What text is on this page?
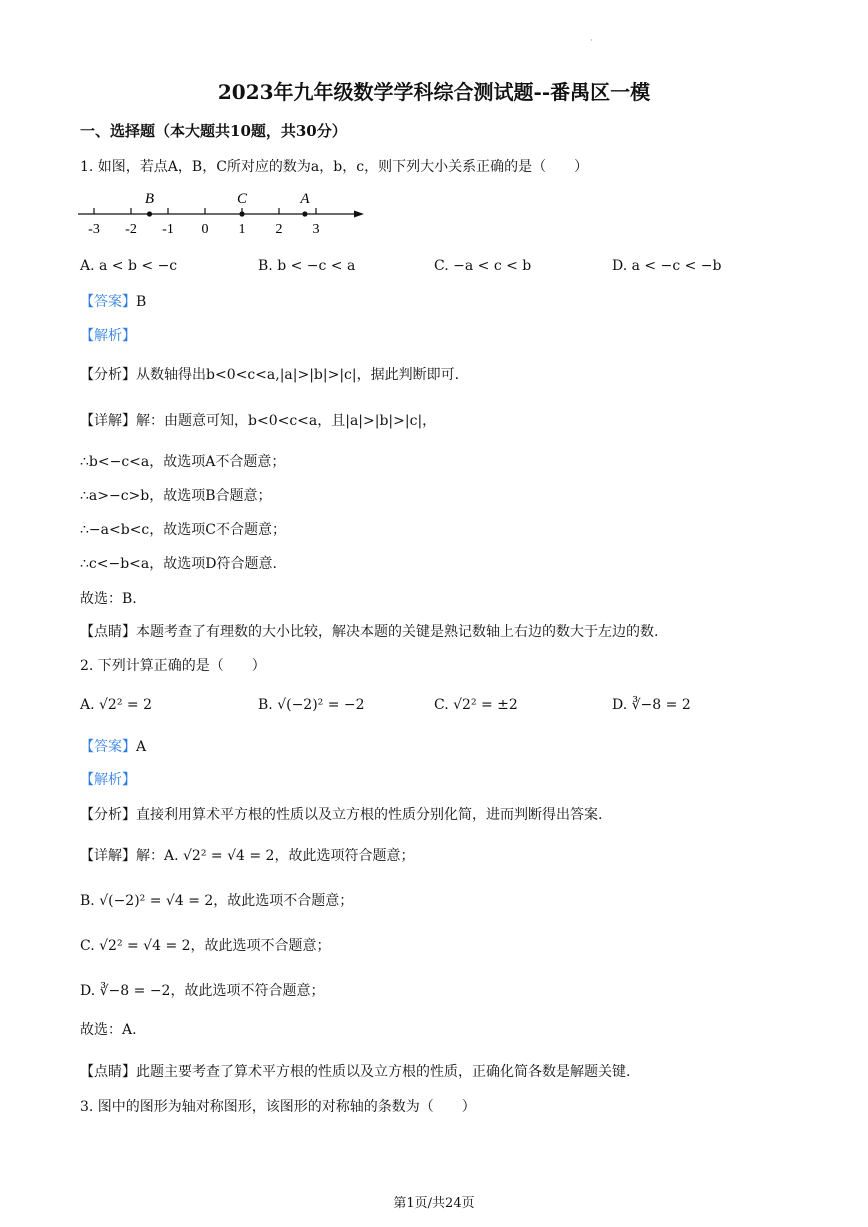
·
2023年九年级数学学科综合测试题--番禺区一模
一、选择题（本大题共10题，共30分）
1. 如图，若点A，B，C所对应的数为a，b，c，则下列大小关系正确的是（　　）
-3 -2 -1 0 1 2 3
B	C	A
A. a < b < −c	B. b < −c < a	C. −a < c < b	D. a < −c < −b
【答案】B
【解析】
【分析】从数轴得出b<0<c<a,|a|>|b|>|c|，据此判断即可.
【详解】解：由题意可知，b<0<c<a，且|a|>|b|>|c|，
∴b<−c<a，故选项A不合题意；
∴a>−c>b，故选项B合题意；
∴−a<b<c，故选项C不合题意；
∴c<−b<a，故选项D符合题意.
故选：B.
【点睛】本题考查了有理数的大小比较，解决本题的关键是熟记数轴上右边的数大于左边的数.
2. 下列计算正确的是（　　）
A. √2² = 2	B. √(−2)² = −2	C. √2² = ±2	D. ∛−8 = 2
【答案】A
【解析】
【分析】直接利用算术平方根的性质以及立方根的性质分别化简，进而判断得出答案.
【详解】解：A. √2² = √4 = 2，故此选项符合题意；
B. √(−2)² = √4 = 2，故此选项不合题意；
C. √2² = √4 = 2，故此选项不合题意；
D. ∛−8 = −2，故此选项不符合题意；
故选：A.
【点睛】此题主要考查了算术平方根的性质以及立方根的性质，正确化简各数是解题关键.
3. 图中的图形为轴对称图形，该图形的对称轴的条数为（　　）
第1页/共24页
